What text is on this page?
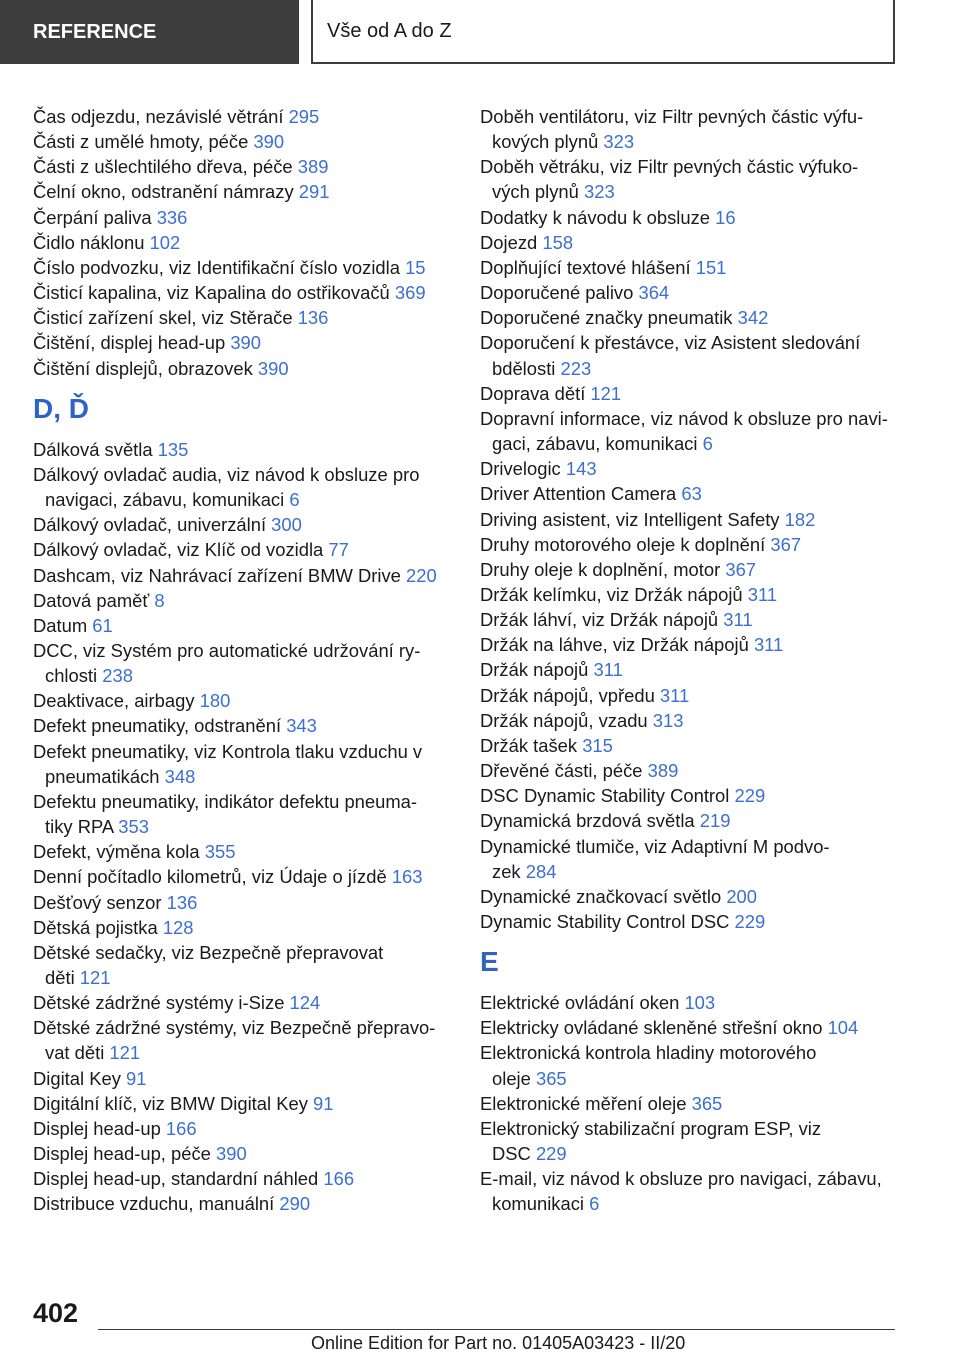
REFERENCE	Vše od A do Z
Čas odjezdu, nezávislé větrání 295
Části z umělé hmoty, péče 390
Části z ušlechtilého dřeva, péče 389
Čelní okno, odstranění námrazy 291
Čerpání paliva 336
Čidlo náklonu 102
Číslo podvozku, viz Identifikační číslo vozidla 15
Čisticí kapalina, viz Kapalina do ostřikovačů 369
Čisticí zařízení skel, viz Stěrače 136
Čištění, displej head-up 390
Čištění displejů, obrazovek 390
D, Ď
Dálková světla 135
Dálkový ovladač audia, viz návod k obsluze pro
navigaci, zábavu, komunikaci 6
Dálkový ovladač, univerzální 300
Dálkový ovladač, viz Klíč od vozidla 77
Dashcam, viz Nahrávací zařízení BMW Drive 220
Datová paměť 8
Datum 61
DCC, viz Systém pro automatické udržování ry-
chlosti 238
Deaktivace, airbagy 180
Defekt pneumatiky, odstranění 343
Defekt pneumatiky, viz Kontrola tlaku vzduchu v
pneumatikách 348
Defektu pneumatiky, indikátor defektu pneuma-
tiky RPA 353
Defekt, výměna kola 355
Denní počítadlo kilometrů, viz Údaje o jízdě 163
Dešťový senzor 136
Dětská pojistka 128
Dětské sedačky, viz Bezpečně přepravovat
děti 121
Dětské zádržné systémy i-Size 124
Dětské zádržné systémy, viz Bezpečně přepravo-
vat děti 121
Digital Key 91
Digitální klíč, viz BMW Digital Key 91
Displej head-up 166
Displej head-up, péče 390
Displej head-up, standardní náhled 166
Distribuce vzduchu, manuální 290
Doběh ventilátoru, viz Filtr pevných částic výfu-
kových plynů 323
Doběh větráku, viz Filtr pevných částic výfuko-
vých plynů 323
Dodatky k návodu k obsluze 16
Dojezd 158
Doplňující textové hlášení 151
Doporučené palivo 364
Doporučené značky pneumatik 342
Doporučení k přestávce, viz Asistent sledování
bdělosti 223
Doprava dětí 121
Dopravní informace, viz návod k obsluze pro navi-
gaci, zábavu, komunikaci 6
Drivelogic 143
Driver Attention Camera 63
Driving asistent, viz Intelligent Safety 182
Druhy motorového oleje k doplnění 367
Druhy oleje k doplnění, motor 367
Držák kelímku, viz Držák nápojů 311
Držák láhví, viz Držák nápojů 311
Držák na láhve, viz Držák nápojů 311
Držák nápojů 311
Držák nápojů, vpředu 311
Držák nápojů, vzadu 313
Držák tašek 315
Dřevěné části, péče 389
DSC Dynamic Stability Control 229
Dynamická brzdová světla 219
Dynamické tlumiče, viz Adaptivní M podvo-
zek 284
Dynamické značkovací světlo 200
Dynamic Stability Control DSC 229
E
Elektrické ovládání oken 103
Elektricky ovládané skleněné střešní okno 104
Elektronická kontrola hladiny motorového
oleje 365
Elektronické měření oleje 365
Elektronický stabilizační program ESP, viz
DSC 229
E-mail, viz návod k obsluze pro navigaci, zábavu,
komunikaci 6
402
Online Edition for Part no. 01405A03423 - II/20
